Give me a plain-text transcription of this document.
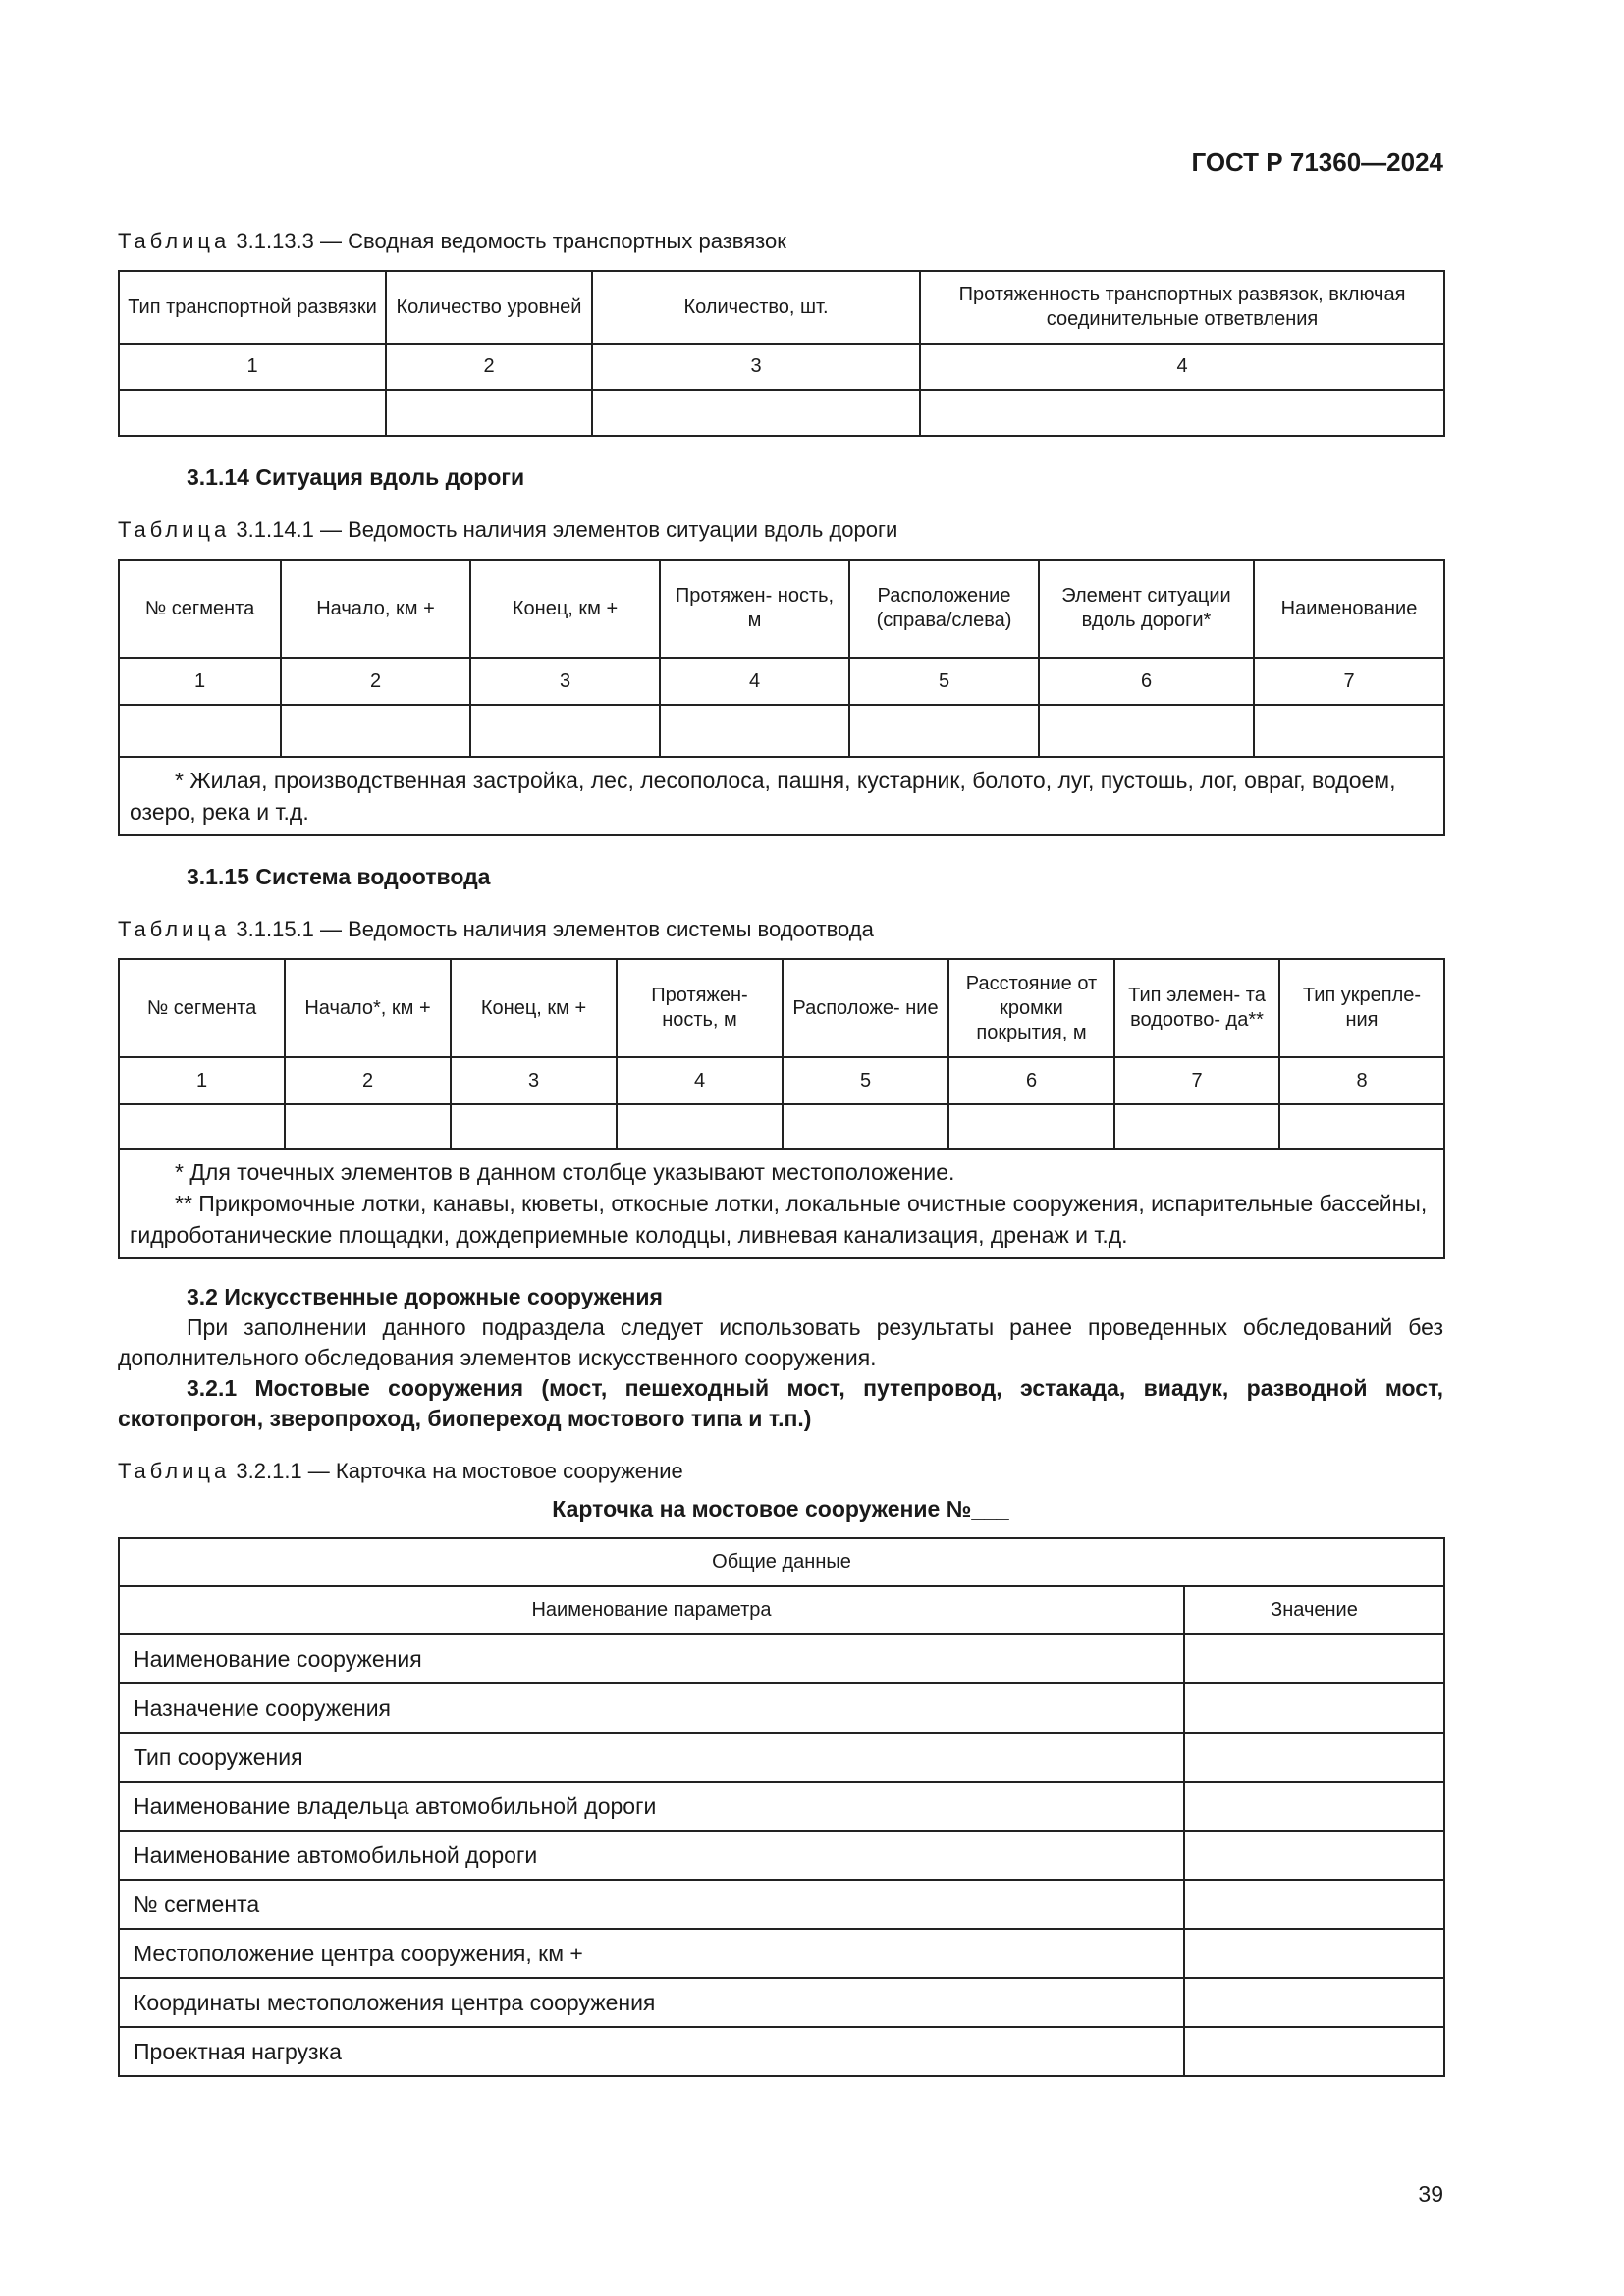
ГОСТ Р 71360—2024
Таблица 3.1.13.3 — Сводная ведомость транспортных развязок
Тип транспортной развязки	Количество уровней	Количество, шт.	Протяженность транспортных развязок, включая соединительные ответвления
1	2	3	4

3.1.14 Ситуация вдоль дороги
Таблица 3.1.14.1 — Ведомость наличия элементов ситуации вдоль дороги
№ сегмента	Начало, км +	Конец, км +	Протяжен- ность, м	Расположение (справа/слева)	Элемент ситуации вдоль дороги*	Наименование
1	2	3	4	5	6	7

* Жилая, производственная застройка, лес, лесополоса, пашня, кустарник, болото, луг, пустошь, лог, овраг, водоем, озеро, река и т.д.						
3.1.15 Система водоотвода
Таблица 3.1.15.1 — Ведомость наличия элементов системы водоотвода
№ сегмента	Начало*, км +	Конец, км +	Протяжен- ность, м	Расположе- ние	Расстояние от кромки покрытия, м	Тип элемен- та водоотво- да**	Тип укрепле- ния
1	2	3	4	5	6	7	8

* Для точечных элементов в данном столбце указывают местоположение.
** Прикромочные лотки, канавы, кюветы, откосные лотки, локальные очистные сооружения, испарительные бассейны, гидроботанические площадки, дождеприемные колодцы, ливневая канализация, дренаж и т.д.							
3.2 Искусственные дорожные сооружения
При заполнении данного подраздела следует использовать результаты ранее проведенных обследований без дополнительного обследования элементов искусственного сооружения.
3.2.1 Мостовые сооружения (мост, пешеходный мост, путепровод, эстакада, виадук, разводной мост, скотопрогон, зверопроход, биопереход мостового типа и т.п.)
Таблица 3.2.1.1 — Карточка на мостовое сооружение
Карточка на мостовое сооружение №___
Общие данные	
Наименование параметра	Значение
Наименование сооружения	
Назначение сооружения	
Тип сооружения	
Наименование владельца автомобильной дороги	
Наименование автомобильной дороги	
№ сегмента	
Местоположение центра сооружения, км +	
Координаты местоположения центра сооружения	
Проектная нагрузка	
39
